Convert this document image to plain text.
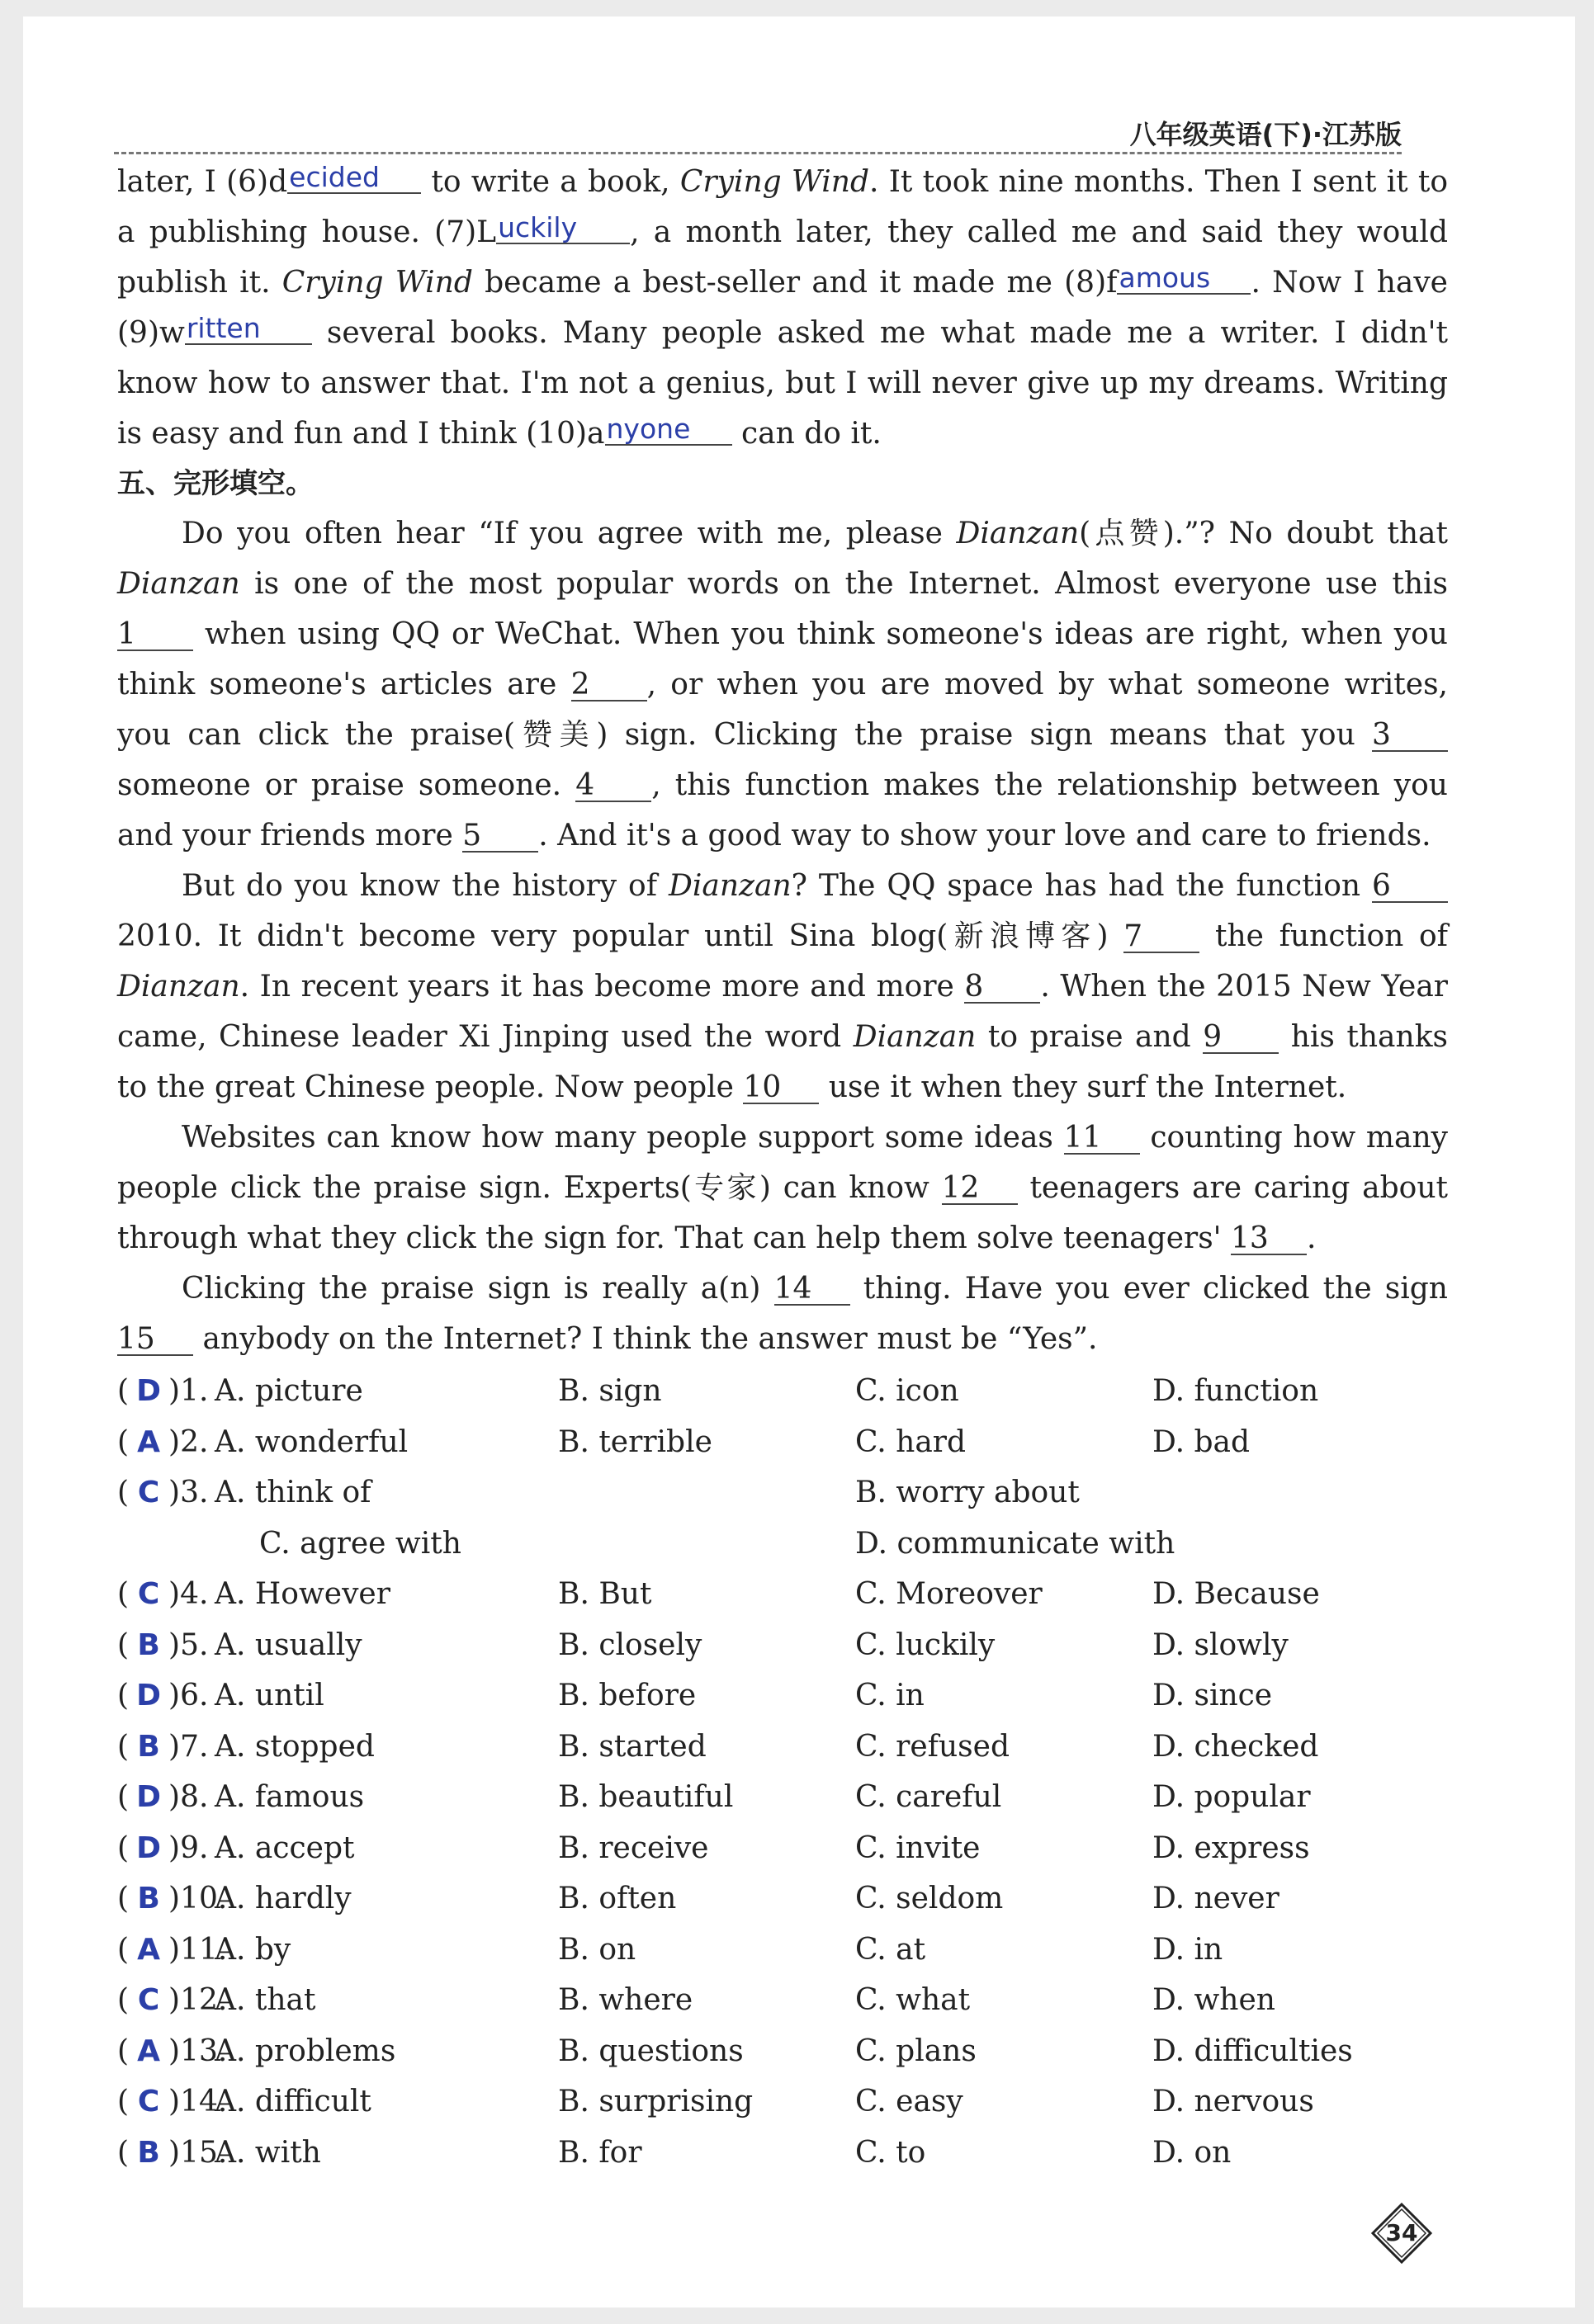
八年级英语(下)·江苏版

later, I (6)decided to write a book, Crying Wind. It took nine months. Then I sent it to a publishing house. (7)Luckily , a month later, they called me and said they would publish it. Crying Wind became a best-seller and it made me (8)famous . Now I have (9)written several books. Many people asked me what made me a writer. I didn't know how to answer that. I'm not a genius, but I will never give up my dreams. Writing is easy and fun and I think (10)anyone can do it.

五、完形填空。

Do you often hear “If you agree with me, please Dianzan(点赞).”? No doubt that Dianzan is one of the most popular words on the Internet. Almost everyone use this 1 when using QQ or WeChat. When you think someone's ideas are right, when you think someone's articles are 2 , or when you are moved by what someone writes, you can click the praise(赞美) sign. Clicking the praise sign means that you 3 someone or praise someone. 4 , this function makes the relationship between you and your friends more 5 . And it's a good way to show your love and care to friends.

But do you know the history of Dianzan? The QQ space has had the function 6 2010. It didn't become very popular until Sina blog(新浪博客) 7 the function of Dianzan. In recent years it has become more and more 8 . When the 2015 New Year came, Chinese leader Xi Jinping used the word Dianzan to praise and 9 his thanks to the great Chinese people. Now people 10 use it when they surf the Internet.

Websites can know how many people support some ideas 11 counting how many people click the praise sign. Experts(专家) can know 12 teenagers are caring about through what they click the sign for. That can help them solve teenagers' 13 .

Clicking the praise sign is really a(n) 14 thing. Have you ever clicked the sign 15 anybody on the Internet? I think the answer must be “Yes”.

( D )1. A. picture	B. sign	C. icon	D. function
( A )2. A. wonderful	B. terrible	C. hard	D. bad
( C )3. A. think of	B. worry about
C. agree with	D. communicate with
( C )4. A. However	B. But	C. Moreover	D. Because
( B )5. A. usually	B. closely	C. luckily	D. slowly
( D )6. A. until	B. before	C. in	D. since
( B )7. A. stopped	B. started	C. refused	D. checked
( D )8. A. famous	B. beautiful	C. careful	D. popular
( D )9. A. accept	B. receive	C. invite	D. express
( B )10.
A. hardly	B. often	C. seldom	D. never
( A )11.
A. by	B. on	C. at	D. in
( C )12.
A. that	B. where	C. what	D. when
( A )13.
A. problems	B. questions	C. plans	D. difficulties
( C )14.
A. difficult	B. surprising	C. easy	D. nervous
( B )15.
A. with	B. for	C. to	D. on
34
